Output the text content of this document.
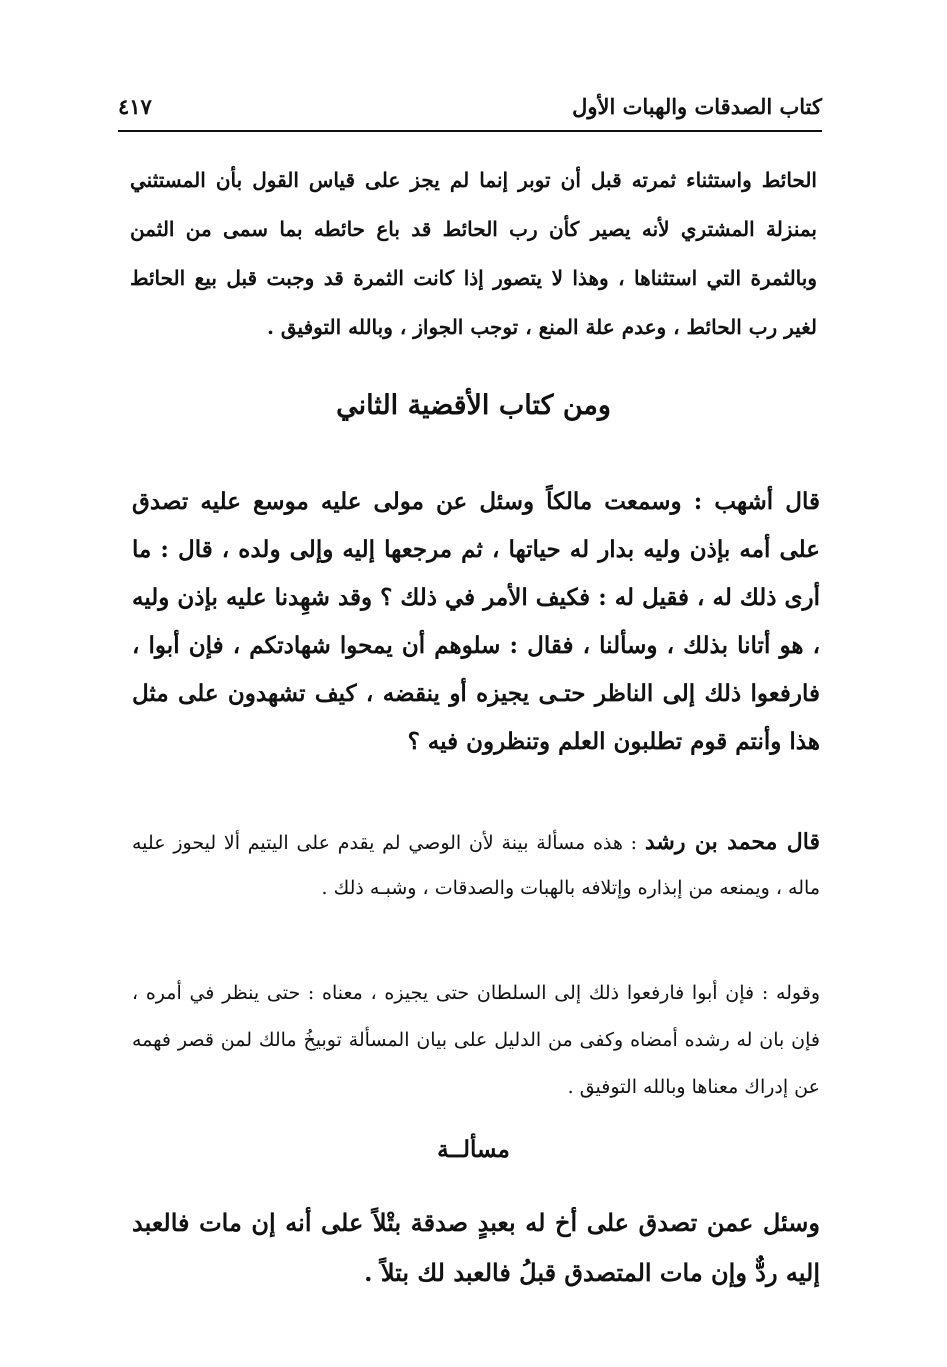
كتاب الصدقات والهبات الأول
٤١٧

الحائط واستثناء ثمرته قبل أن توبر إنما لم يجز على قياس القول بأن المستثني بمنزلة المشتري لأنه يصير كأن رب الحائط قد باع حائطه بما سمى من الثمن وبالثمرة التي استثناها ، وهذا لا يتصور إذا كانت الثمرة قد وجبت قبل بيع الحائط لغير رب الحائط ، وعدم علة المنع ، توجب الجواز ، وبالله التوفيق .

ومن كتاب الأقضية الثاني

قال أشهب : وسمعت مالكاً وسئل عن مولى عليه موسع عليه تصدق على أمه بإذن وليه بدار له حياتها ، ثم مرجعها إليه وإلى ولده ، قال : ما أرى ذلك له ، فقيل له : فكيف الأمر في ذلك ؟ وقد شهِدنا عليه بإذن وليه ، هو أتانا بذلك ، وسألنا ، فقال : سلوهم أن يمحوا شهادتكم ، فإن أبوا ، فارفعوا ذلك إلى الناظر حتـى يجيزه أو ينقضه ، كيف تشهدون على مثل هذا وأنتم قوم تطلبون العلم وتنظرون فيه ؟

قال محمد بن رشد : هذه مسألة بينة لأن الوصي لم يقدم على اليتيم ألا ليحوز عليه ماله ، ويمنعه من إبذاره وإتلافه بالهبات والصدقات ، وشبـه ذلك .

وقوله : فإن أبوا فارفعوا ذلك إلى السلطان حتى يجيزه ، معناه : حتى ينظر في أمره ، فإن بان له رشده أمضاه وكفى من الدليل على بيان المسألة توبيخُ مالك لمن قصر فهمه عن إدراك معناها وبالله التوفيق .

مسألــة

وسئل عمن تصدق على أخ له بعبدٍ صدقة بتْلاً على أنه إن مات فالعبد إليه ردٌّ وإن مات المتصدق قبلُ فالعبد لك بتلاً .
